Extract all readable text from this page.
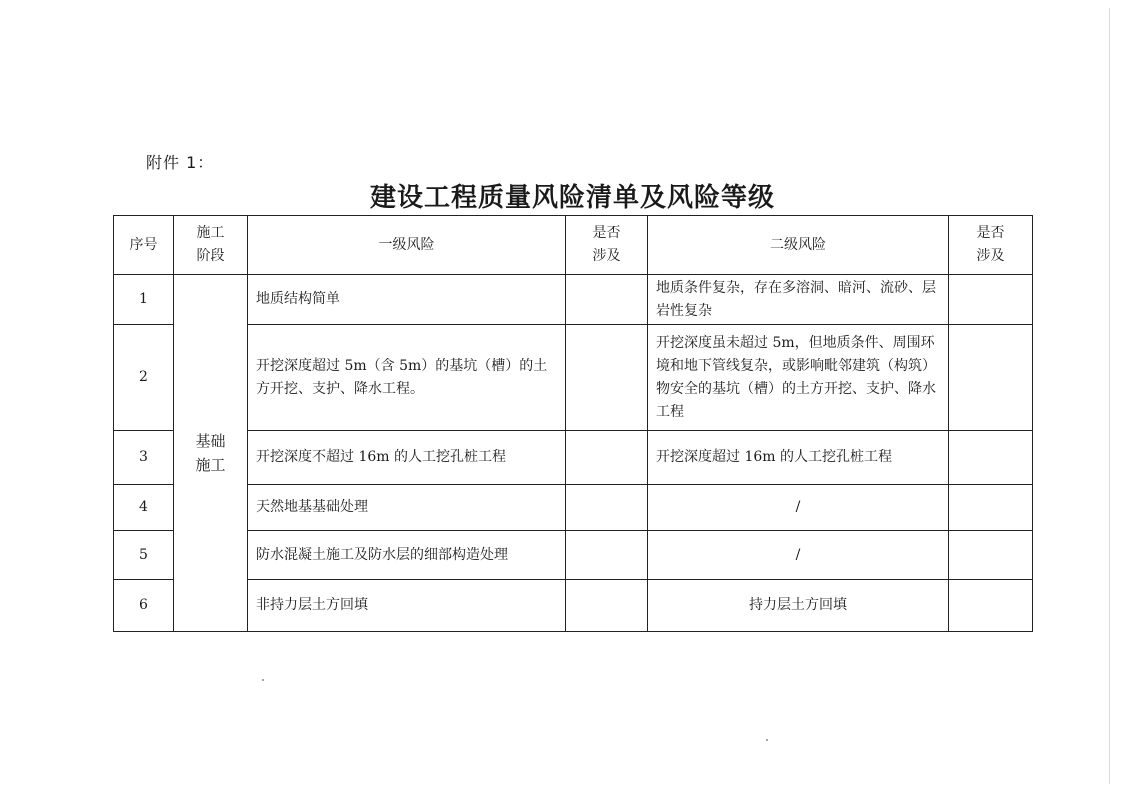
附件 1：
建设工程质量风险清单及风险等级
序号	施工阶段	一级风险	是否涉及	二级风险	是否涉及

1	基础施工	地质结构简单		地质条件复杂，存在多溶洞、暗河、流砂、层岩性复杂	
2		开挖深度超过 5m（含 5m）的基坑（槽）的土方开挖、支护、降水工程。		开挖深度虽未超过 5m，但地质条件、周围环境和地下管线复杂，或影响毗邻建筑（构筑）物安全的基坑（槽）的土方开挖、支护、降水工程	
3		开挖深度不超过 16m 的人工挖孔桩工程		开挖深度超过 16m 的人工挖孔桩工程	
4		天然地基基础处理		/	
5		防水混凝土施工及防水层的细部构造处理		/	
6		非持力层土方回填		持力层土方回填	
